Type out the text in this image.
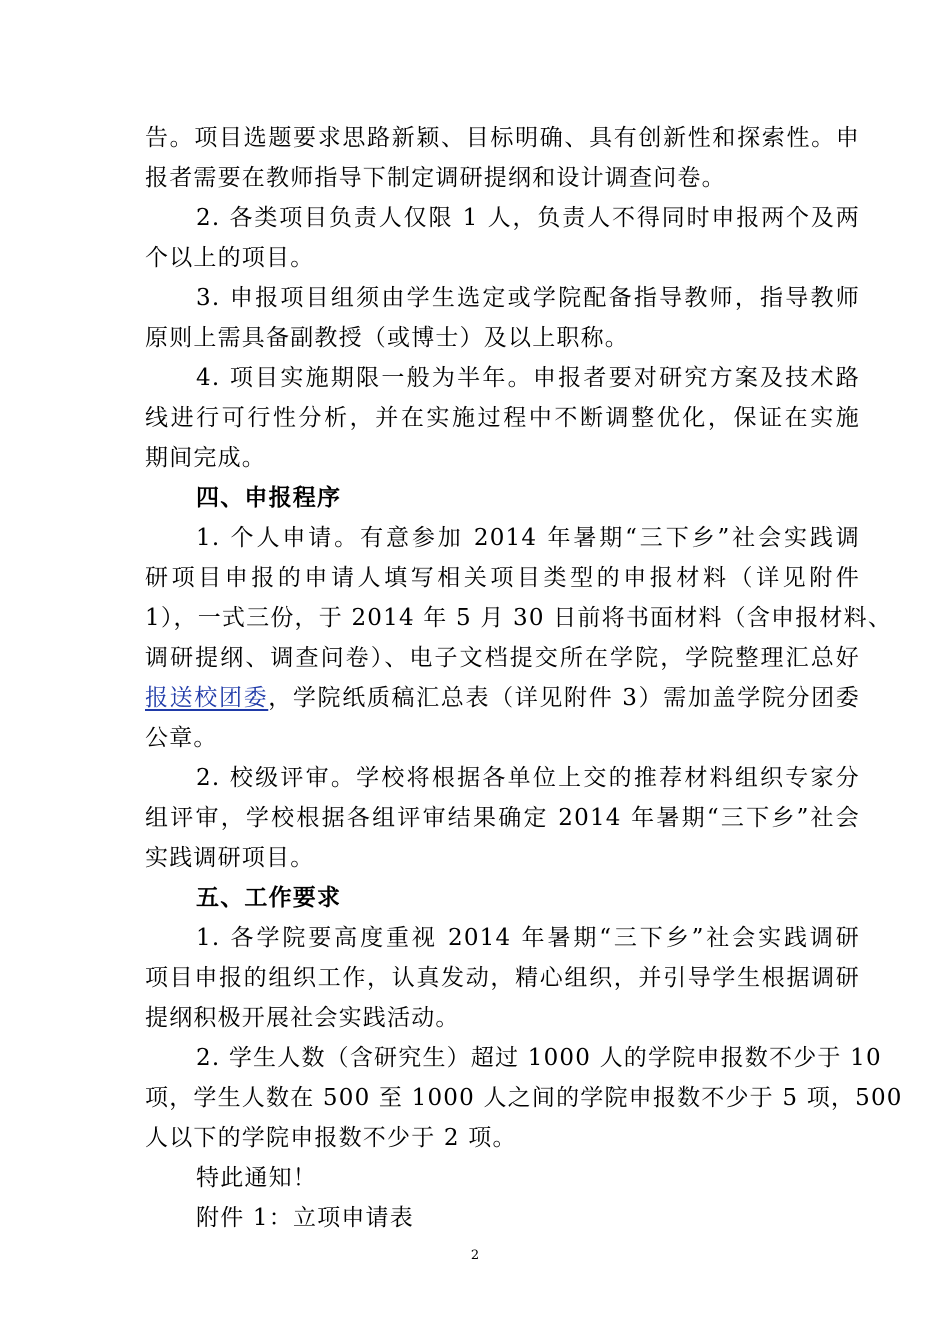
告。项目选题要求思路新颖、目标明确、具有创新性和探索性。申
报者需要在教师指导下制定调研提纲和设计调查问卷。
2. 各类项目负责人仅限 1 人，负责人不得同时申报两个及两
个以上的项目。
3. 申报项目组须由学生选定或学院配备指导教师，指导教师
原则上需具备副教授（或博士）及以上职称。
4. 项目实施期限一般为半年。申报者要对研究方案及技术路
线进行可行性分析，并在实施过程中不断调整优化，保证在实施
期间完成。
四、申报程序
1. 个人申请。有意参加 2014 年暑期“三下乡”社会实践调
研项目申报的申请人填写相关项目类型的申报材料（详见附件
1），一式三份，于 2014 年 5 月 30 日前将书面材料（含申报材料、
调研提纲、调查问卷）、电子文档提交所在学院，学院整理汇总好
报送校团委，学院纸质稿汇总表（详见附件 3）需加盖学院分团委
公章。
2. 校级评审。学校将根据各单位上交的推荐材料组织专家分
组评审，学校根据各组评审结果确定 2014 年暑期“三下乡”社会
实践调研项目。
五、工作要求
1. 各学院要高度重视 2014 年暑期“三下乡”社会实践调研
项目申报的组织工作，认真发动，精心组织，并引导学生根据调研
提纲积极开展社会实践活动。
2. 学生人数（含研究生）超过 1000 人的学院申报数不少于 10
项，学生人数在 500 至 1000 人之间的学院申报数不少于 5 项，500
人以下的学院申报数不少于 2 项。
特此通知！
附件 1：立项申请表
2
